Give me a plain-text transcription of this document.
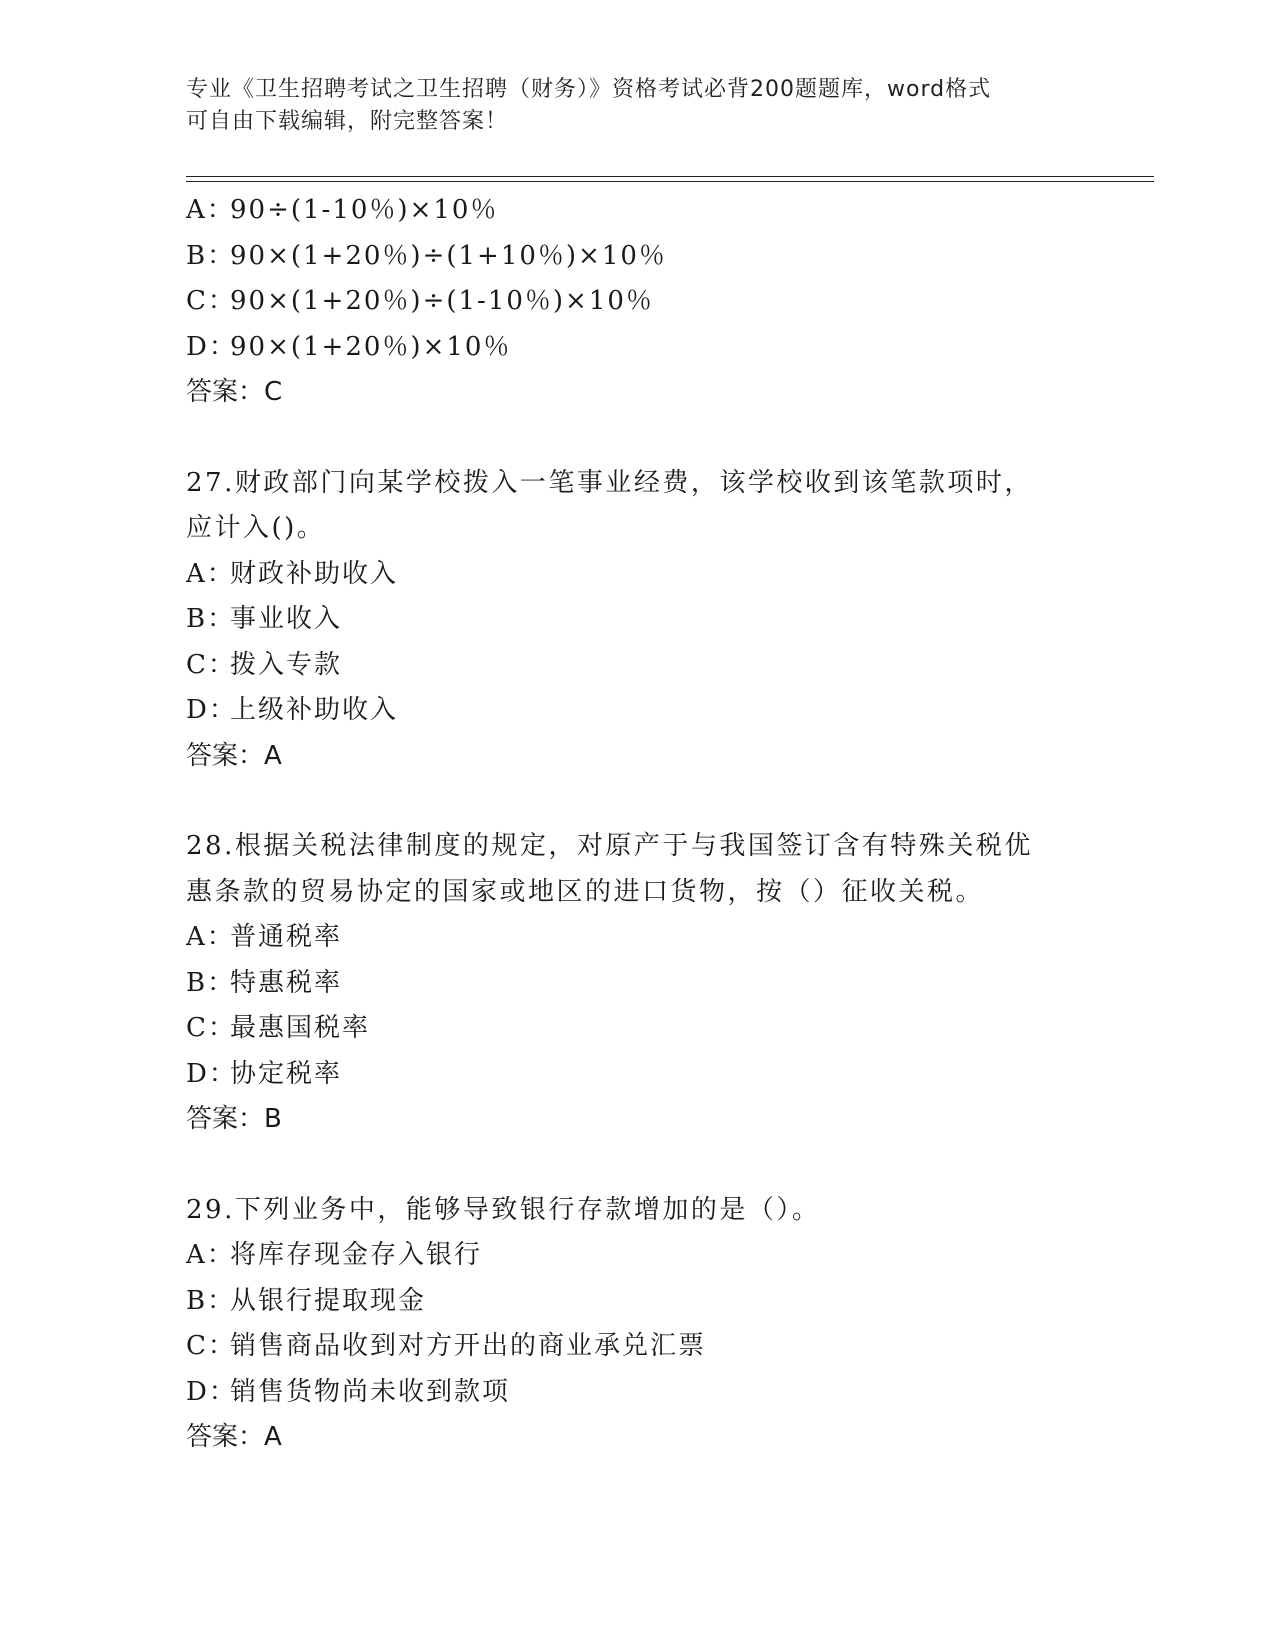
专业《卫生招聘考试之卫生招聘（财务）》资格考试必背200题题库，word格式
可自由下载编辑，附完整答案！
A：90÷(1-10％)×10％
B：90×(1+20％)÷(1+10％)×10％
C：90×(1+20％)÷(1-10％)×10％
D：90×(1+20％)×10％
答案：C
27.财政部门向某学校拨入一笔事业经费，该学校收到该笔款项时，应计入()。
A：财政补助收入
B：事业收入
C：拨入专款
D：上级补助收入
答案：A
28.根据关税法律制度的规定，对原产于与我国签订含有特殊关税优惠条款的贸易协定的国家或地区的进口货物，按（）征收关税。
A：普通税率
B：特惠税率
C：最惠国税率
D：协定税率
答案：B
29.下列业务中，能够导致银行存款增加的是（）。
A：将库存现金存入银行
B：从银行提取现金
C：销售商品收到对方开出的商业承兑汇票
D：销售货物尚未收到款项
答案：A
